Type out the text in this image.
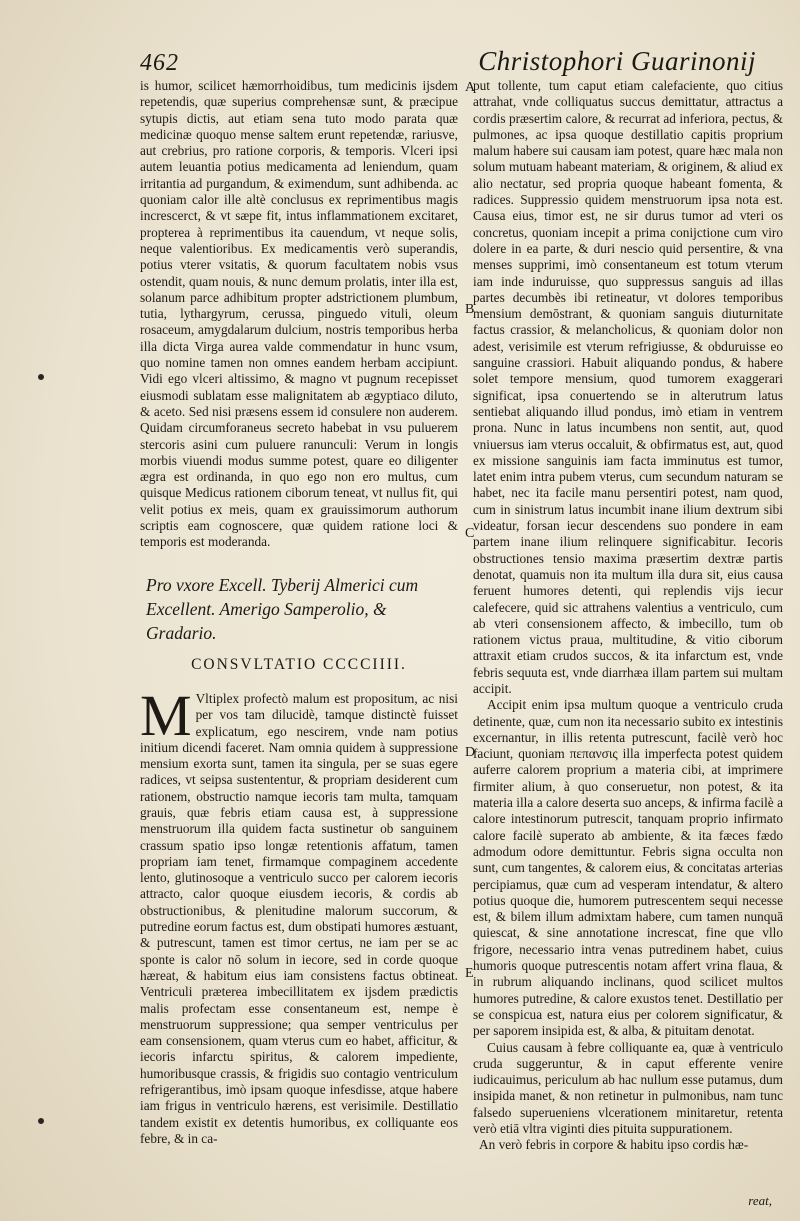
462	Christophori Guarinonij

is humor, scilicet hæmorrhoidibus, tum medicinis ijsdem repetendis, quæ superius comprehensæ sunt, & præcipue sytupis dictis, aut etiam sena tuto modo parata quæ medicinæ quoquo mense saltem erunt repetendæ, rariusve, aut crebrius, pro ratione corporis, & temporis. Vlceri ipsi autem leuantia potius medicamenta ad leniendum, quam irritantia ad purgandum, & eximendum, sunt adhibenda. ac quoniam calor ille altè conclusus ex reprimentibus magis increscerct, & vt sæpe fit, intus inflammationem excitaret, propterea à reprimentibus ita cauendum, vt neque solis, neque valentioribus. Ex medicamentis verò superandis, potius vterer vsitatis, & quorum facultatem nobis vsus ostendit, quam nouis, & nunc demum prolatis, inter illa est, solanum parce adhibitum propter adstrictionem plumbum, tutia, lythargyrum, cerussa, pinguedo vituli, oleum rosaceum, amygdalarum dulcium, nostris temporibus herba illa dicta Virga aurea valde commendatur in hunc vsum, quo nomine tamen non omnes eandem herbam accipiunt. Vidi ego vlceri altissimo, & magno vt pugnum recepisset eiusmodi sublatam esse malignitatem ab ægyptiaco diluto, & aceto. Sed nisi præsens essem id consulere non auderem. Quidam circumforaneus secreto habebat in vsu puluerem stercoris asini cum puluere ranunculi: Verum in longis morbis viuendi modus summe potest, quare eo diligenter ægra est ordinanda, in quo ego non ero multus, cum quisque Medicus rationem ciborum teneat, vt nullus fit, qui velit potius ex meis, quam ex grauissimorum authorum scriptis eam cognoscere, quæ quidem ratione loci & temporis est moderanda.

Pro vxore Excell. Tyberij Almerici cum Excellent. Amerigo Samperolio, & Gradario.
CONSVLTATIO CCCCIIII.

M Vltiplex profectò malum est propositum, ac nisi per vos tam dilucidè, tamque distinctè fuisset explicatum, ego nescirem, vnde nam potius initium dicendi faceret. Nam omnia quidem à suppressione mensium exorta sunt, tamen ita singula, per se suas egere radices, vt seipsa sustententur, & propriam desiderent cum rationem, obstructio namque iecoris tam multa, tamquam grauis, quæ febris etiam causa est, à suppressione menstruorum illa quidem facta sustinetur ob sanguinem crassum spatio ipso longæ retentionis affatum, tamen propriam iam tenet, firmamque compaginem accedente lento, glutinosoque a ventriculo succo per calorem iecoris attracto, calor quoque eiusdem iecoris, & cordis ab obstructionibus, & plenitudine malorum succorum, & putredine eorum factus est, dum obstipati humores æstuant, & putrescunt, tamen est timor certus, ne iam per se ac sponte is calor nō solum in iecore, sed in corde quoque hæreat, & habitum eius iam consistens factus obtineat. Ventriculi præterea imbecillitatem ex ijsdem prædictis malis profectam esse consentaneum est, nempe è menstruorum suppressione; qua semper ventriculus per eam consensionem, quam vterus cum eo habet, afficitur, & iecoris infarctu spiritus, & calorem impediente, humoribusque crassis, & frigidis suo contagio ventriculum refrigerantibus, imò ipsam quoque infesdisse, atque habere iam frigus in ventriculo hærens, est verisimile. Destillatio tandem existit ex detentis humoribus, ex colliquante eos febre, & in ca-

A
B
C
D
E

put tollente, tum caput etiam calefaciente, quo citius attrahat, vnde colliquatus succus demittatur, attractus a cordis præsertim calore, & recurrat ad inferiora, pectus, & pulmones, ac ipsa quoque destillatio capitis proprium malum habere sui causam iam potest, quare hæc mala non solum mutuam habeant materiam, & originem, & aliud ex alio nectatur, sed propria quoque habeant fomenta, & radices. Suppressio quidem menstruorum ipsa nota est. Causa eius, timor est, ne sir durus tumor ad vteri os concretus, quoniam incepit a prima conijctione cum viro dolere in ea parte, & duri nescio quid persentire, & vna menses supprimi, imò consentaneum est totum vterum iam inde induruisse, quo suppressus sanguis ad illas partes decumbès ibi retineatur, vt dolores temporibus mensium demōstrant, & quoniam sanguis diuturnitate factus crassior, & melancholicus, & quoniam dolor non adest, verisimile est vterum refrigiusse, & obduruisse eo sanguine crassiori. Habuit aliquando pondus, & habere solet tempore mensium, quod tumorem exaggerari significat, ipsa conuertendo se in alterutrum latus sentiebat aliquando illud pondus, imò etiam in ventrem prona. Nunc in latus incumbens non sentit, aut, quod vniuersus iam vterus occaluit, & obfirmatus est, aut, quod ex missione sanguinis iam facta imminutus est tumor, latet enim intra pubem vterus, cum secundum naturam se habet, nec ita facile manu persentiri potest, nam quod, cum in sinistrum latus incumbit inane ilium dextrum sibi videatur, forsan iecur descendens suo pondere in eam partem inane ilium relinquere significabitur. Iecoris obstructiones tensio maxima præsertim dextræ partis denotat, quamuis non ita multum illa dura sit, eius causa feruent humores detenti, qui replendis vijs iecur calefecere, quid sic attrahens valentius a ventriculo, cum ab vteri consensionem affecto, & imbecillo, tum ob rationem victus praua, multitudine, & vitio ciborum attraxit etiam crudos succos, & ita infarctum est, vnde febris sequuta est, vnde diarrhæa illam partem sui multam accipit.

Accipit enim ipsa multum quoque a ventriculo cruda detinente, quæ, cum non ita necessario subito ex intestinis excernantur, in illis retenta putrescunt, facilè verò hoc faciunt, quoniam πεπανσις illa imperfecta potest quidem auferre calorem proprium a materia cibi, at imprimere firmiter alium, à quo conseruetur, non potest, & ita materia illa a calore deserta suo anceps, & infirma facilè a calore intestinorum putrescit, tanquam proprio infirmato calore facilè superato ab ambiente, & ita fæces fædo admodum odore demittuntur. Febris signa occulta non sunt, cum tangentes, & calorem eius, & concitatas arterias percipiamus, quæ cum ad vesperam intendatur, & altero potius quoque die, humorem putrescentem sequi necesse est, & bilem illum admixtam habere, cum tamen nunquā quiescat, & sine annotatione increscat, fine que vllo frigore, necessario intra venas putredinem habet, cuius humoris quoque putrescentis notam affert vrina flaua, & in rubrum aliquando inclinans, quod scilicet multos humores putredine, & calore exustos tenet. Destillatio per se conspicua est, natura eius per colorem significatur, & per saporem insipida est, & alba, & pituitam denotat.

Cuius causam à febre colliquante ea, quæ à ventriculo cruda suggeruntur, & in caput efferente venire iudicauimus, periculum ab hac nullum esse putamus, dum insipida manet, & non retinetur in pulmonibus, nam tunc falsedo superueniens vlcerationem minitaretur, retenta verò etiā vltra viginti dies pituita suppurationem.

An verò febris in corpore & habitu ipso cordis hæ-

reat,
